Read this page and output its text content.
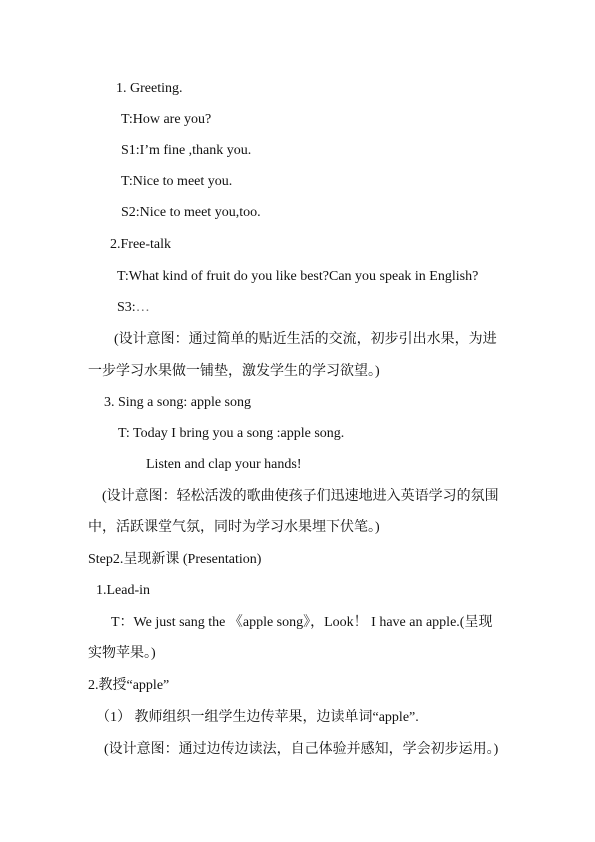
1. Greeting.
T:How are you?
S1:I’m fine ,thank you.
T:Nice to meet you.
S2:Nice to meet you,too.
2.Free-talk
T:What kind of fruit do you like best?Can you speak in English?
S3:…
(设计意图：通过简单的贴近生活的交流，初步引出水果，为进
一步学习水果做一铺垫，激发学生的学习欲望。)
3. Sing a song: apple song
T: Today I bring you a song :apple song.
Listen and clap your hands!
(设计意图：轻松活泼的歌曲使孩子们迅速地进入英语学习的氛围
中，活跃课堂气氛，同时为学习水果埋下伏笔。)
Step2.呈现新课 (Presentation)
1.Lead-in
T：We just sang the 《apple song》，Look！ I have an apple.(呈现
实物苹果。)
2.教授“apple”
（1） 教师组织一组学生边传苹果，边读单词“apple”.
(设计意图：通过边传边读法，自己体验并感知，学会初步运用。)
